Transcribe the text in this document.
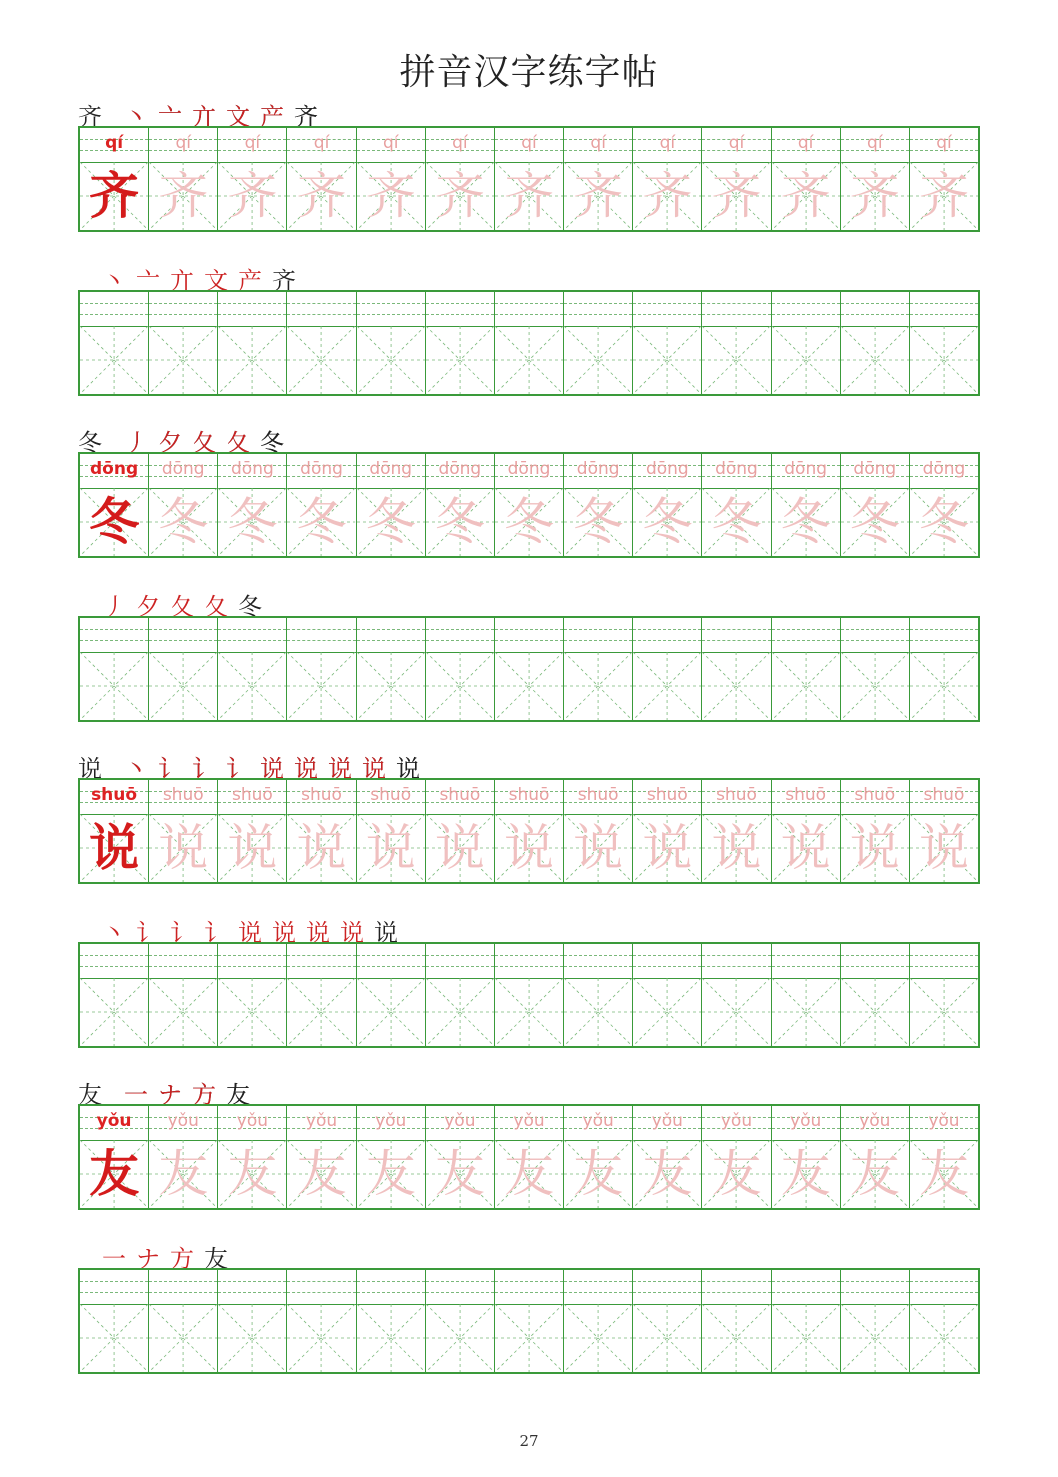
拼音汉字练字帖
齐 丶 亠 亣 文 产 齐
qí
齐
qí
齐
qí
齐
qí
齐
qí
齐
qí
齐
qí
齐
qí
齐
qí
齐
qí
齐
qí
齐
qí
齐
qí
齐
丶 亠 亣 文 产 齐
冬 丿 夕 夂 夂 冬
dōng
冬
dōng
冬
dōng
冬
dōng
冬
dōng
冬
dōng
冬
dōng
冬
dōng
冬
dōng
冬
dōng
冬
dōng
冬
dōng
冬
dōng
冬
丿 夕 夂 夂 冬
说 丶 讠 讠 讠 说 说 说 说 说
shuō
说
shuō
说
shuō
说
shuō
说
shuō
说
shuō
说
shuō
说
shuō
说
shuō
说
shuō
说
shuō
说
shuō
说
shuō
说
丶 讠 讠 讠 说 说 说 说 说
友 一 ナ 方 友
yǒu
友
yǒu
友
yǒu
友
yǒu
友
yǒu
友
yǒu
友
yǒu
友
yǒu
友
yǒu
友
yǒu
友
yǒu
友
yǒu
友
yǒu
友
一 ナ 方 友
27
